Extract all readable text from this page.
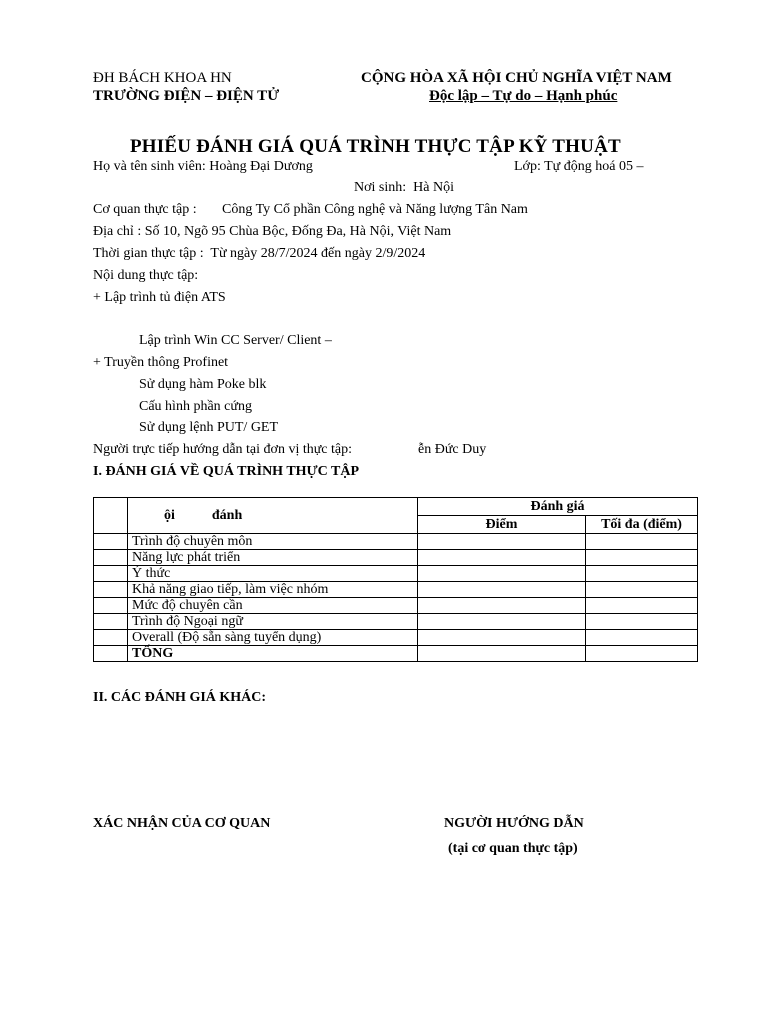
ĐH BÁCH KHOA HN
TRƯỜNG ĐIỆN – ĐIỆN TỬ
CỘNG HÒA XÃ HỘI CHỦ NGHĨA VIỆT NAM
Độc lập – Tự do – Hạnh phúc
PHIẾU ĐÁNH GIÁ QUÁ TRÌNH THỰC TẬP KỸ THUẬT
Họ và tên sinh viên: Hoàng Đại Dương	Lớp: Tự động hoá 05 –
Nơi sinh: Hà Nội
Cơ quan thực tập : Công Ty Cổ phần Công nghệ và Năng lượng Tân Nam
Địa chỉ : Số 10, Ngõ 95 Chùa Bộc, Đống Đa, Hà Nội, Việt Nam
Thời gian thực tập : Từ ngày 28/7/2024 đến ngày 2/9/2024
Nội dung thực tập:
+ Lập trình tủ điện ATS
Lập trình Win CC Server/ Client –
+ Truyền thông Profinet
Sử dụng hàm Poke blk
Cấu hình phần cứng
Sử dụng lệnh PUT/ GET
Người trực tiếp hướng dẫn tại đơn vị thực tập:	ễn Đức Duy
I. ĐÁNH GIÁ VỀ QUÁ TRÌNH THỰC TẬP
	ội đánh	Đánh giá	
		Điểm	Tối đa (điểm)
	Trình độ chuyên môn		
	Năng lực phát triển		
	Ý thức		
	Khả năng giao tiếp, làm việc nhóm		
	Mức độ chuyên cần		
	Trình độ Ngoại ngữ		
	Overall (Độ sẵn sàng tuyển dụng)		
	TỔNG		
II. CÁC ĐÁNH GIÁ KHÁC:
XÁC NHẬN CỦA CƠ QUAN	NGƯỜI HƯỚNG DẪN
(tại cơ quan thực tập)
